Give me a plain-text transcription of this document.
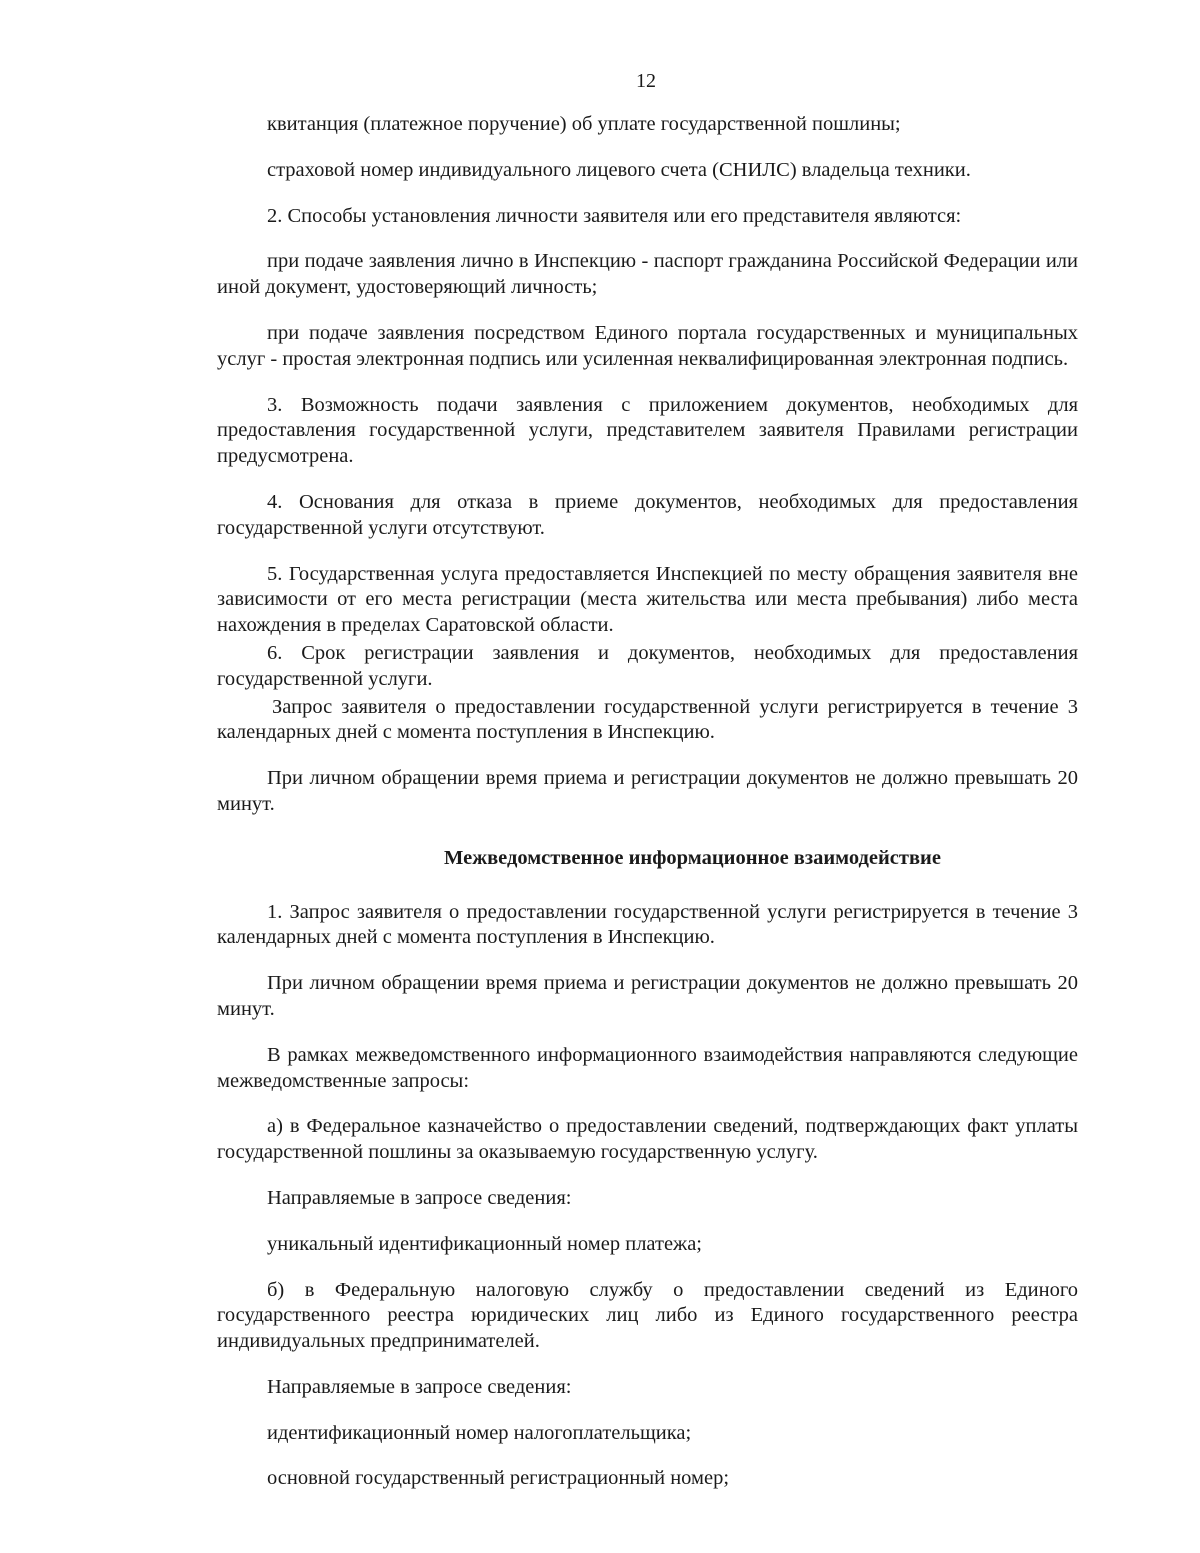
12

квитанция (платежное поручение) об уплате государственной пошлины;

страховой номер индивидуального лицевого счета (СНИЛС) владельца техники.

2. Способы установления личности заявителя или его представителя являются:

при подаче заявления лично в Инспекцию - паспорт гражданина Российской Федерации или иной документ, удостоверяющий личность;

при подаче заявления посредством Единого портала государственных и муниципальных услуг - простая электронная подпись или усиленная неквалифицированная электронная подпись.

3. Возможность подачи заявления с приложением документов, необходимых для предоставления государственной услуги, представителем заявителя Правилами регистрации предусмотрена.

4. Основания для отказа в приеме документов, необходимых для предоставления государственной услуги отсутствуют.

5. Государственная услуга предоставляется Инспекцией по месту обращения заявителя вне зависимости от его места регистрации (места жительства или места пребывания) либо места нахождения в пределах Саратовской области.

6. Срок регистрации заявления и документов, необходимых для предоставления государственной услуги.

Запрос заявителя о предоставлении государственной услуги регистрируется в течение 3 календарных дней с момента поступления в Инспекцию.

При личном обращении время приема и регистрации документов не должно превышать 20 минут.

Межведомственное информационное взаимодействие

1. Запрос заявителя о предоставлении государственной услуги регистрируется в течение 3 календарных дней с момента поступления в Инспекцию.

При личном обращении время приема и регистрации документов не должно превышать 20 минут.

В рамках межведомственного информационного взаимодействия направляются следующие межведомственные запросы:

а) в Федеральное казначейство о предоставлении сведений, подтверждающих факт уплаты государственной пошлины за оказываемую государственную услугу.

Направляемые в запросе сведения:

уникальный идентификационный номер платежа;

б) в Федеральную налоговую службу о предоставлении сведений из Единого государственного реестра юридических лиц либо из Единого государственного реестра индивидуальных предпринимателей.

Направляемые в запросе сведения:

идентификационный номер налогоплательщика;

основной государственный регистрационный номер;
